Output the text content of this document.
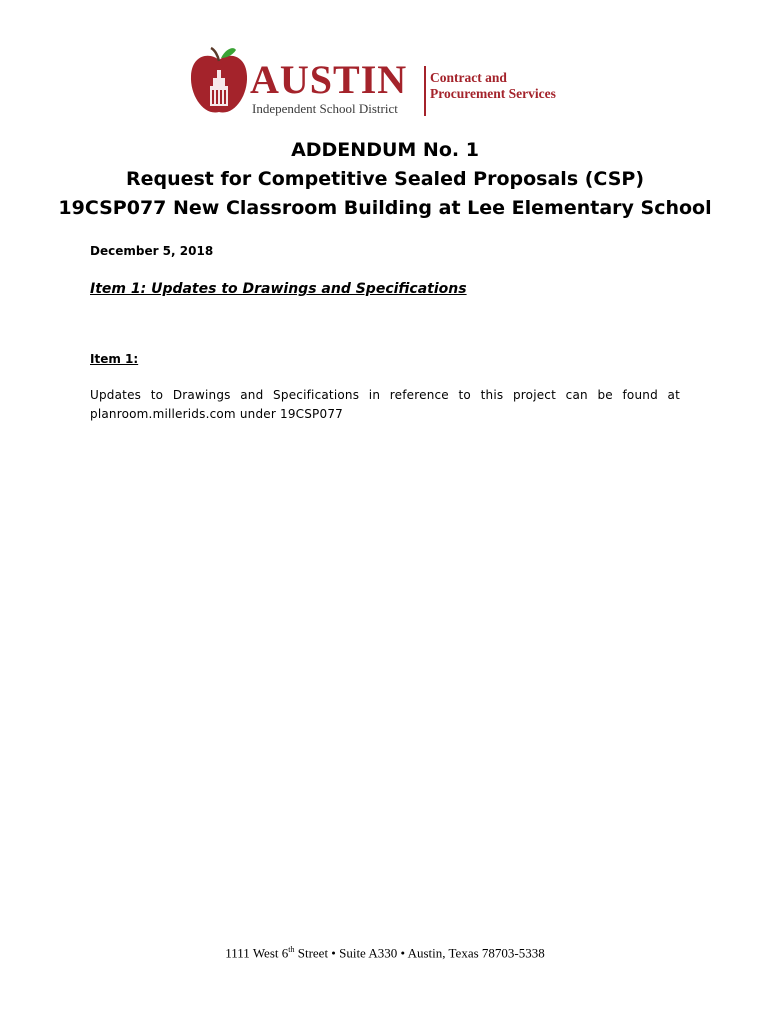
AUSTIN
Independent School District
Contract and
Procurement Services
ADDENDUM No. 1
Request for Competitive Sealed Proposals (CSP)
19CSP077 New Classroom Building at Lee Elementary School
December 5, 2018
Item 1: Updates to Drawings and Specifications
Item 1:
Updates to Drawings and Specifications in reference to this project can be found at planroom.millerids.com under 19CSP077
1111 West 6th Street • Suite A330 • Austin, Texas 78703-5338
